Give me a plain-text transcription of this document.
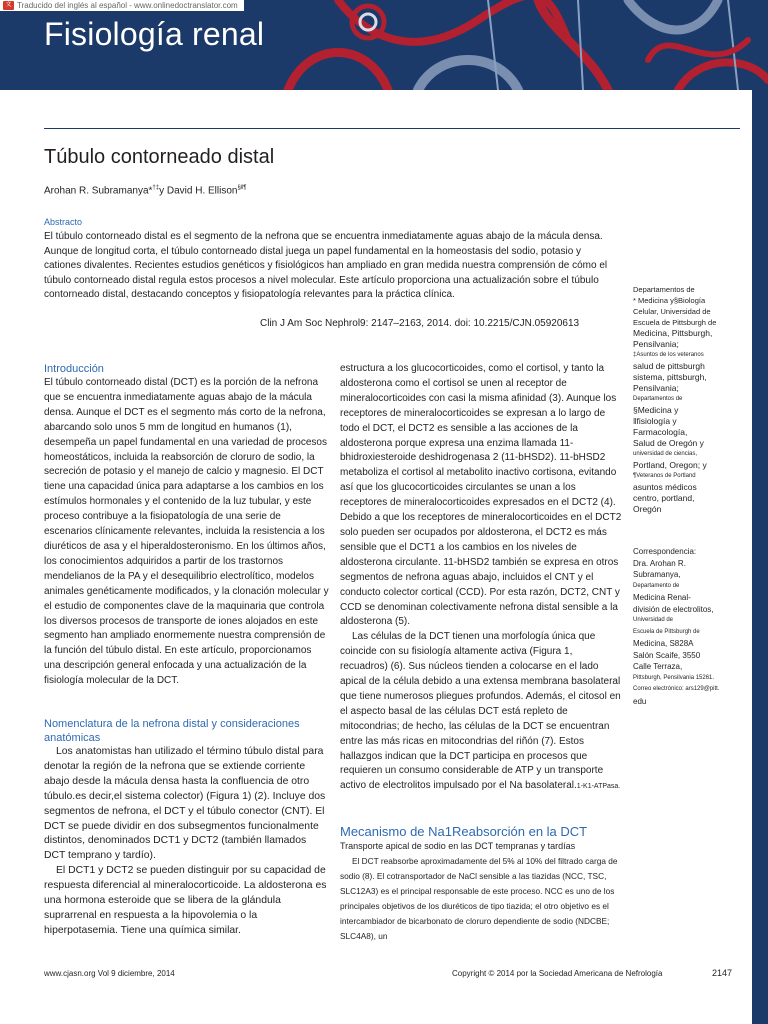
Fisiología renal
文 Traducido del inglés al español - www.onlinedoctranslator.com
Túbulo contorneado distal
Arohan R. Subramanya*†‡y David H. Ellison§‖¶
Abstracto
El túbulo contorneado distal es el segmento de la nefrona que se encuentra inmediatamente aguas abajo de la mácula densa. Aunque de longitud corta, el túbulo contorneado distal juega un papel fundamental en la homeostasis del sodio, potasio y cationes divalentes. Recientes estudios genéticos y fisiológicos han ampliado en gran medida nuestra comprensión de cómo el túbulo contorneado distal regula estos procesos a nivel molecular. Este artículo proporciona una actualización sobre el túbulo contorneado distal, destacando conceptos y fisiopatología relevantes para la práctica clínica.
Clin J Am Soc Nephrol9: 2147–2163, 2014. doi: 10.2215/CJN.05920613

Introducción

El túbulo contorneado distal (DCT) es la porción de la nefrona que se encuentra inmediatamente aguas abajo de la mácula densa. Aunque el DCT es el segmento más corto de la nefrona, abarcando solo unos 5 mm de longitud en humanos (1), desempeña un papel fundamental en una variedad de procesos homeostáticos, incluida la reabsorción de cloruro de sodio, la secreción de potasio y el manejo de calcio y magnesio. El DCT tiene una capacidad única para adaptarse a los cambios en los estímulos hormonales y el contenido de la luz tubular, y este proceso contribuye a la fisiopatología de una serie de escenarios clínicamente relevantes, incluida la resistencia a los diuréticos de asa y el hiperaldosteronismo. En los últimos años, los conocimientos adquiridos a partir de los trastornos mendelianos de la PA y el desequilibrio electrolítico, modelos animales genéticamente modificados, y la clonación molecular y el estudio de componentes clave de la maquinaria que controla los diversos procesos de transporte de iones alojados en este segmento han ampliado enormemente nuestra comprensión de la función del túbulo distal. En este artículo, proporcionamos una descripción general enfocada y una actualización de la fisiología molecular de la DCT.

Nomenclatura de la nefrona distal y consideraciones anatómicas

Los anatomistas han utilizado el término túbulo distal para denotar la región de la nefrona que se extiende corriente abajo desde la mácula densa hasta la confluencia de otro túbulo.es decir,el sistema colector) (Figura 1) (2). Incluye dos segmentos de nefrona, el DCT y el túbulo conector (CNT). El DCT se puede dividir en dos subsegmentos funcionalmente distintos, denominados DCT1 y DCT2 (también llamados DCT temprano y tardío).

El DCT1 y DCT2 se pueden distinguir por su capacidad de respuesta diferencial al mineralocorticoide. La aldosterona es una hormona esteroide que se libera de la glándula suprarrenal en respuesta a la hipovolemia o la hiperpotasemia. Tiene una química similar.

estructura a los glucocorticoides, como el cortisol, y tanto la aldosterona como el cortisol se unen al receptor de mineralocorticoides con casi la misma afinidad (3). Aunque los receptores de mineralocorticoides se expresan a lo largo de todo el DCT, el DCT2 es sensible a las acciones de la aldosterona porque expresa una enzima llamada 11-bhidroxiesteroide deshidrogenasa 2 (11-bHSD2). 11-bHSD2 metaboliza el cortisol al metabolito inactivo cortisona, evitando así que los glucocorticoides circulantes se unan a los receptores de mineralocorticoides expresados en el DCT2 (4). Debido a que los receptores de mineralocorticoides en el DCT2 solo pueden ser ocupados por aldosterona, el DCT2 es más sensible que el DCT1 a los cambios en los niveles de aldosterona circulante. 11-bHSD2 también se expresa en otros segmentos de nefrona aguas abajo, incluidos el CNT y el conducto colector cortical (CCD). Por esta razón, DCT2, CNT y CCD se denominan colectivamente nefrona distal sensible a la aldosterona (5).

Las células de la DCT tienen una morfología única que coincide con su fisiología altamente activa (Figura 1, recuadros) (6). Sus núcleos tienden a colocarse en el lado apical de la célula debido a una extensa membrana basolateral que tiene numerosos pliegues profundos. Además, el citosol en el aspecto basal de las células DCT está repleto de mitocondrias; de hecho, las células de la DCT se encuentran entre las más ricas en mitocondrias del riñón (7). Estos hallazgos indican que la DCT participa en procesos que requieren un consumo considerable de ATP y un transporte activo de electrolitos impulsado por el Na basolateral.1-K1-ATPasa.

Mecanismo de Na1Reabsorción en la DCT

Transporte apical de sodio en las DCT tempranas y tardías

El DCT reabsorbe aproximadamente del 5% al 10% del filtrado carga de sodio (8). El cotransportador de NaCl sensible a las tiazidas (NCC, TSC, SLC12A3) es el principal responsable de este proceso. NCC es uno de los principales objetivos de los diuréticos de tipo tiazida; el otro objetivo es el intercambiador de bicarbonato de cloruro dependiente de sodio (NDCBE; SLC4A8), un

Departamentos de

* Medicina y§Biología

Celular, Universidad de

Escuela de Pittsburgh de

Medicina, Pittsburgh,

Pensilvania;

‡Asuntos de los veteranos

salud de pittsburgh

sistema, pittsburgh,

Pensilvania;

Departamentos de

§Medicina y

‖fisiología y

Farmacología,

Salud de Oregón y

universidad de ciencias,

Portland, Oregon; y

¶Veteranos de Portland

asuntos médicos

centro, portland,

Oregón

Correspondencia:

Dra. Arohan R.

Subramanya,

Departamento de

Medicina Renal-

división de electrolitos,

Universidad de

Escuela de Pittsburgh de

Medicina, S828A

Salón Scaife, 3550

Calle Terraza,

Pittsburgh, Pensilvania 15261.

Correo electrónico: ars129@pitt.

edu

www.cjasn.org Vol 9 diciembre, 2014	Copyright © 2014 por la Sociedad Americana de Nefrología	2147
